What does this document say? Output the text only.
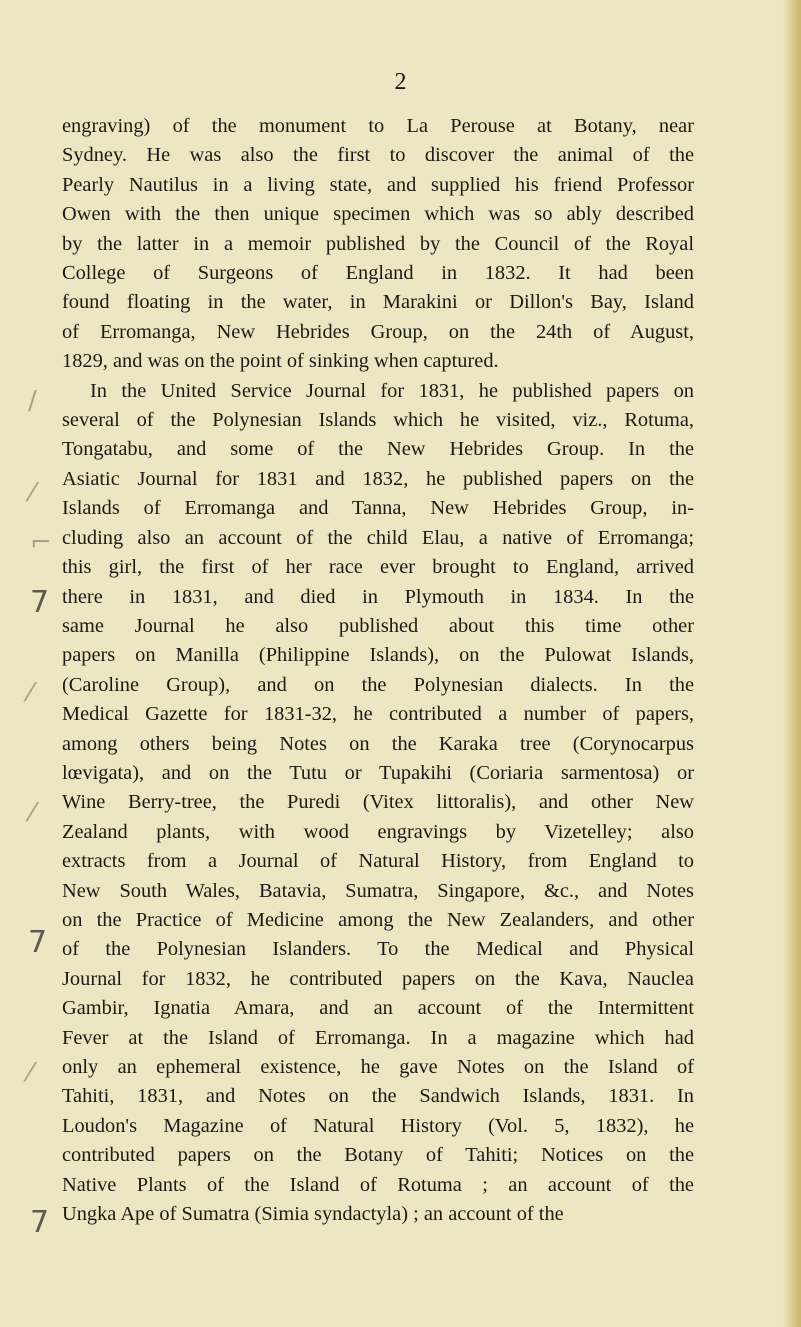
2

engraving) of the monument to La Perouse at Botany, near
Sydney. He was also the first to discover the animal of the
Pearly Nautilus in a living state, and supplied his friend Professor
Owen with the then unique specimen which was so ably described
by the latter in a memoir published by the Council of the Royal
College of Surgeons of England in 1832. It had been
found floating in the water, in Marakini or Dillon's Bay, Island
of Erromanga, New Hebrides Group, on the 24th of August,
1829, and was on the point of sinking when captured.

In the United Service Journal for 1831, he published papers on
several of the Polynesian Islands which he visited, viz., Rotuma,
Tongatabu, and some of the New Hebrides Group. In the
Asiatic Journal for 1831 and 1832, he published papers on the
Islands of Erromanga and Tanna, New Hebrides Group, in-
cluding also an account of the child Elau, a native of Erromanga;
this girl, the first of her race ever brought to England, arrived
there in 1831, and died in Plymouth in 1834. In the
same Journal he also published about this time other
papers on Manilla (Philippine Islands), on the Pulowat Islands,
(Caroline Group), and on the Polynesian dialects. In the
Medical Gazette for 1831-32, he contributed a number of papers,
among others being Notes on the Karaka tree (Corynocarpus
lœvigata), and on the Tutu or Tupakihi (Coriaria sarmentosa) or
Wine Berry-tree, the Puredi (Vitex littoralis), and other New
Zealand plants, with wood engravings by Vizetelley; also
extracts from a Journal of Natural History, from England to
New South Wales, Batavia, Sumatra, Singapore, &c., and Notes
on the Practice of Medicine among the New Zealanders, and other
of the Polynesian Islanders. To the Medical and Physical
Journal for 1832, he contributed papers on the Kava, Nauclea
Gambir, Ignatia Amara, and an account of the Intermittent
Fever at the Island of Erromanga. In a magazine which had
only an ephemeral existence, he gave Notes on the Island of
Tahiti, 1831, and Notes on the Sandwich Islands, 1831. In
Loudon's Magazine of Natural History (Vol. 5, 1832), he
contributed papers on the Botany of Tahiti; Notices on the
Native Plants of the Island of Rotuma ; an account of the
Ungka Ape of Sumatra (Simia syndactyla) ; an account of the

/
⁄
⌐
7
⁄
⁄
7
⁄
7
